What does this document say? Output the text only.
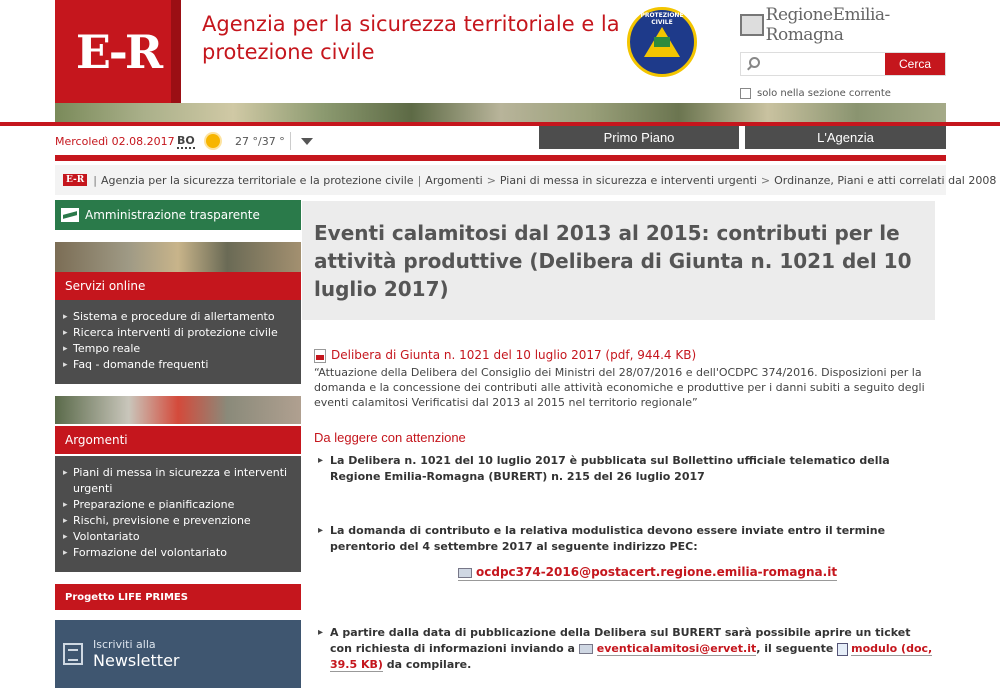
E-R
Agenzia per la sicurezza territoriale e la protezione civile
PROTEZIONE CIVILE	RegioneEmilia-Romagna
Cerca
solo nella sezione corrente
Mercoledì 02.08.2017 BO	27 °/37 °	Primo Piano	L'Agenzia
E-R | Agenzia per la sicurezza territoriale e la protezione civile | Argomenti > Piani di messa in sicurezza e interventi urgenti > Ordinanze, Piani e atti correlati dal 2008
Amministrazione trasparente
Servizi online
▸ Sistema e procedure di allertamento
▸ Ricerca interventi di protezione civile
▸ Tempo reale
▸ Faq - domande frequenti
Argomenti
▸ Piani di messa in sicurezza e interventi urgenti
▸ Preparazione e pianificazione
▸ Rischi, previsione e prevenzione
▸ Volontariato
▸ Formazione del volontariato
Progetto LIFE PRIMES
Iscriviti alla
Newsletter
Eventi calamitosi dal 2013 al 2015: contributi per le attività produttive (Delibera di Giunta n. 1021 del 10 luglio 2017)
Delibera di Giunta n. 1021 del 10 luglio 2017 (pdf, 944.4 KB)

“Attuazione della Delibera del Consiglio dei Ministri del 28/07/2016 e dell'OCDPC 374/2016. Disposizioni per la domanda e la concessione dei contributi alle attività economiche e produttive per i danni subiti a seguito degli eventi calamitosi Verificatisi dal 2013 al 2015 nel territorio regionale”

Da leggere con attenzione
▸ La Delibera n. 1021 del 10 luglio 2017 è pubblicata sul Bollettino ufficiale telematico della Regione Emilia-Romagna (BURERT) n. 215 del 26 luglio 2017
▸ La domanda di contributo e la relativa modulistica devono essere inviate entro il termine perentorio del 4 settembre 2017 al seguente indirizzo PEC:
ocdpc374-2016@postacert.regione.emilia-romagna.it
▸ A partire dalla data di pubblicazione della Delibera sul BURERT sarà possibile aprire un ticket con richiesta di informazioni inviando a eventicalamitosi@ervet.it, il seguente modulo (doc, 39.5 KB) da compilare.
